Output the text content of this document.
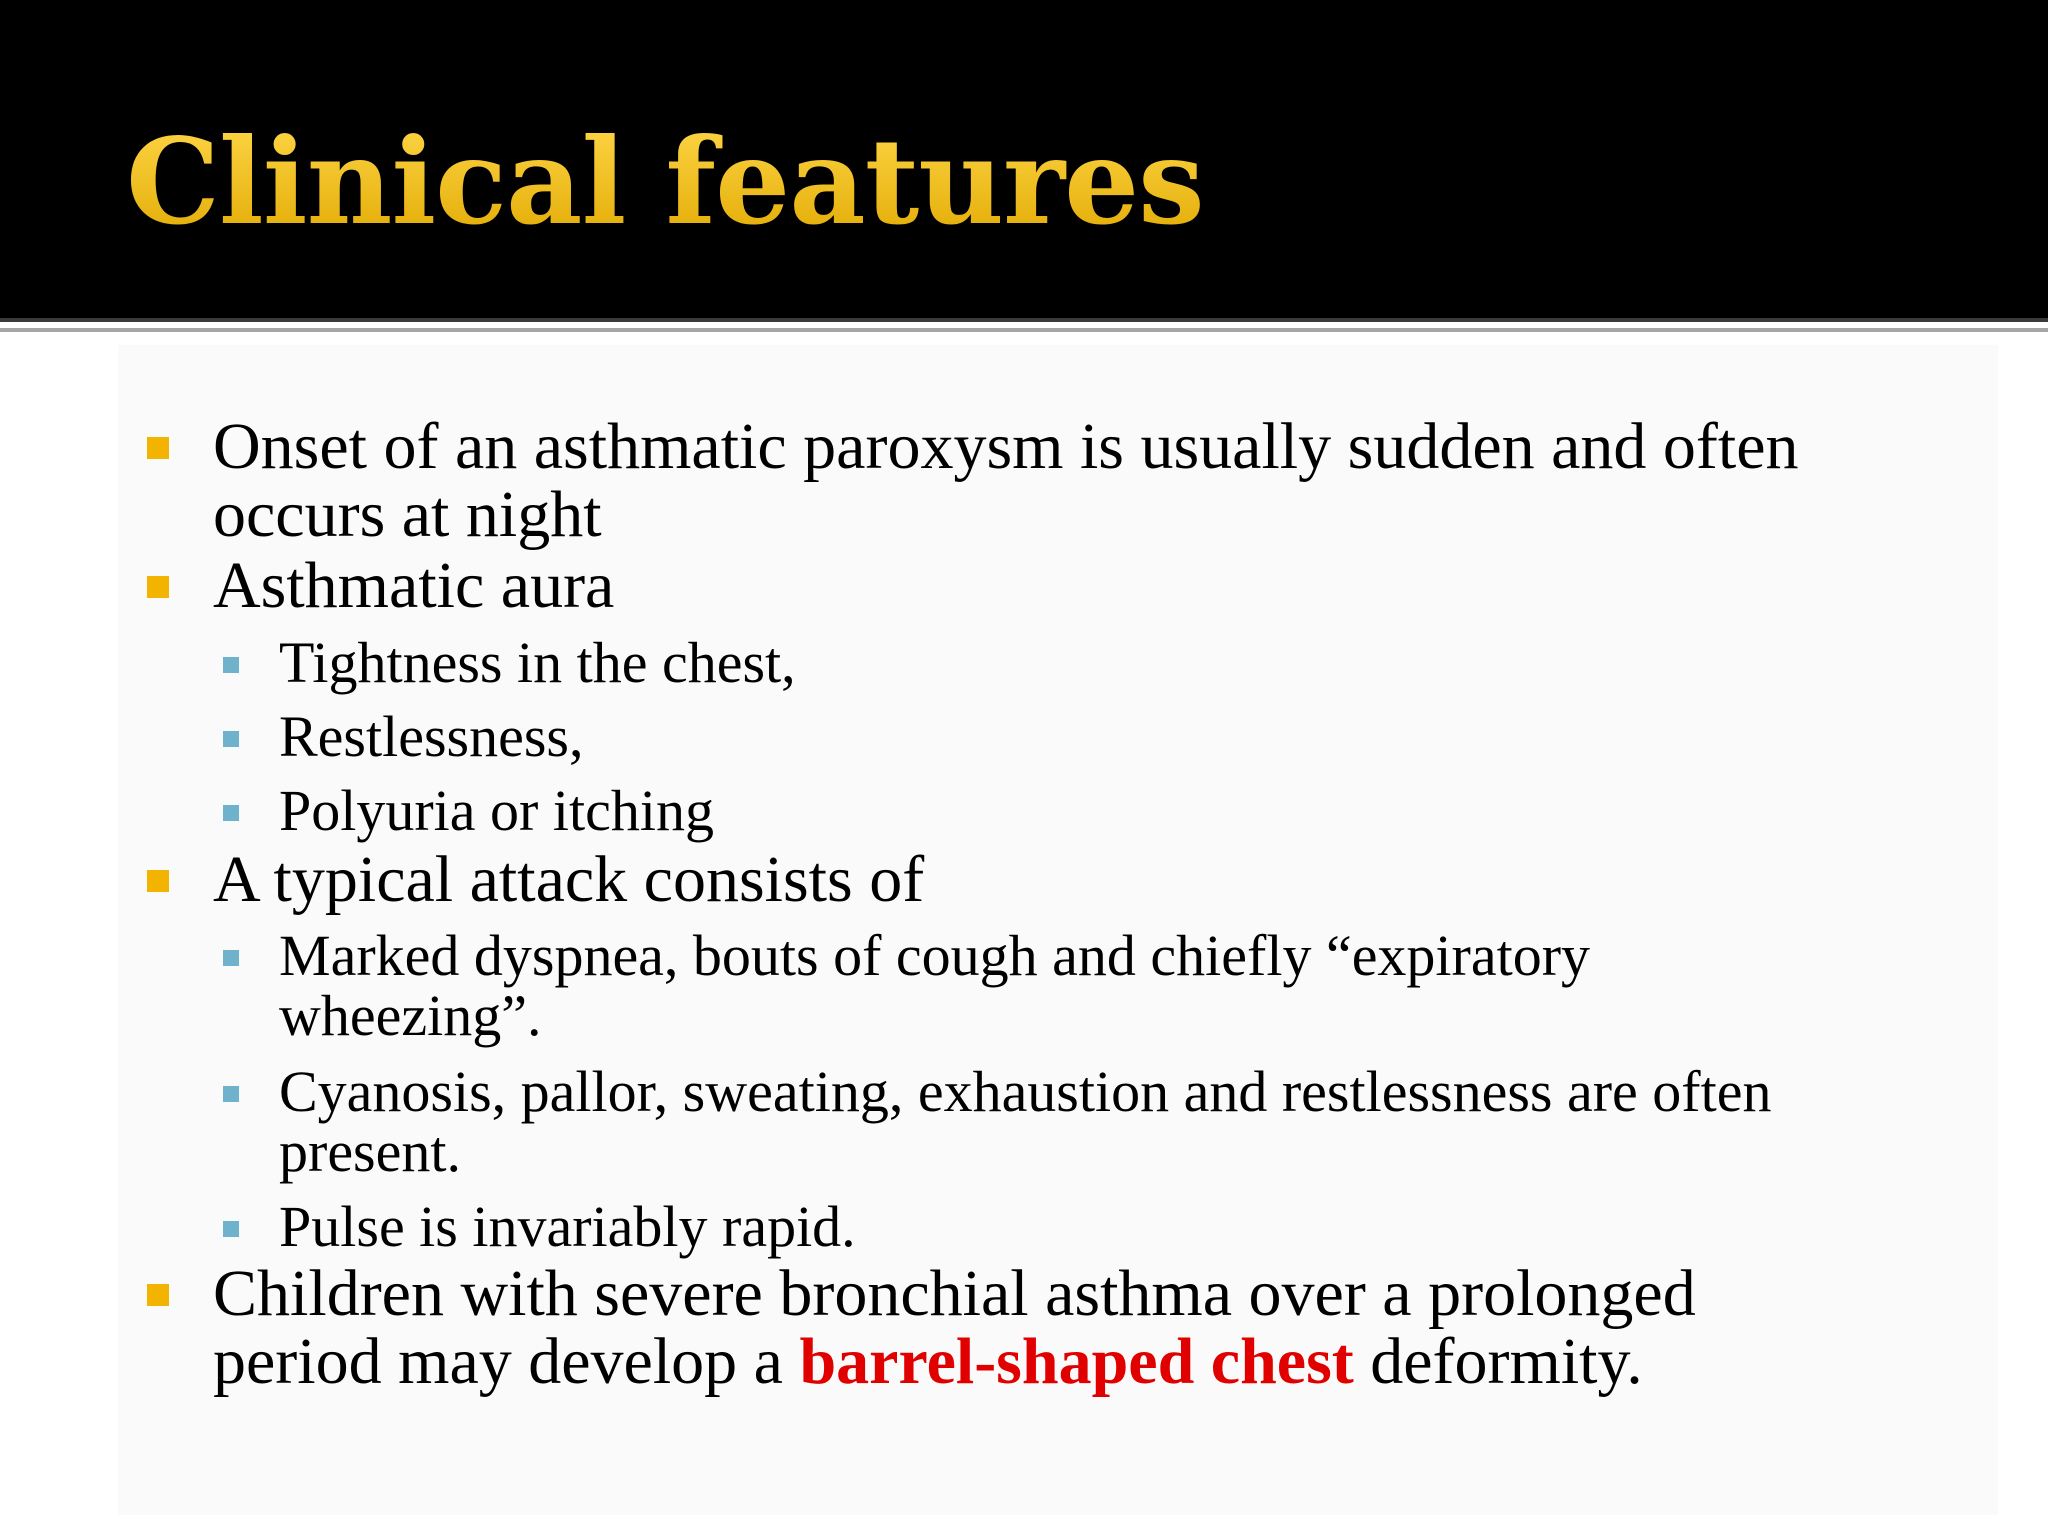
Clinical features
Onset of an asthmatic paroxysm is usually sudden and often
occurs at night
Asthmatic aura
Tightness in the chest,
Restlessness,
Polyuria or itching
A typical attack consists of
Marked dyspnea, bouts of cough and chiefly “expiratory
wheezing”.
Cyanosis, pallor, sweating, exhaustion and restlessness are often
present.
Pulse is invariably rapid.
Children with severe bronchial asthma over a prolonged
period may develop a barrel-shaped chest deformity.
